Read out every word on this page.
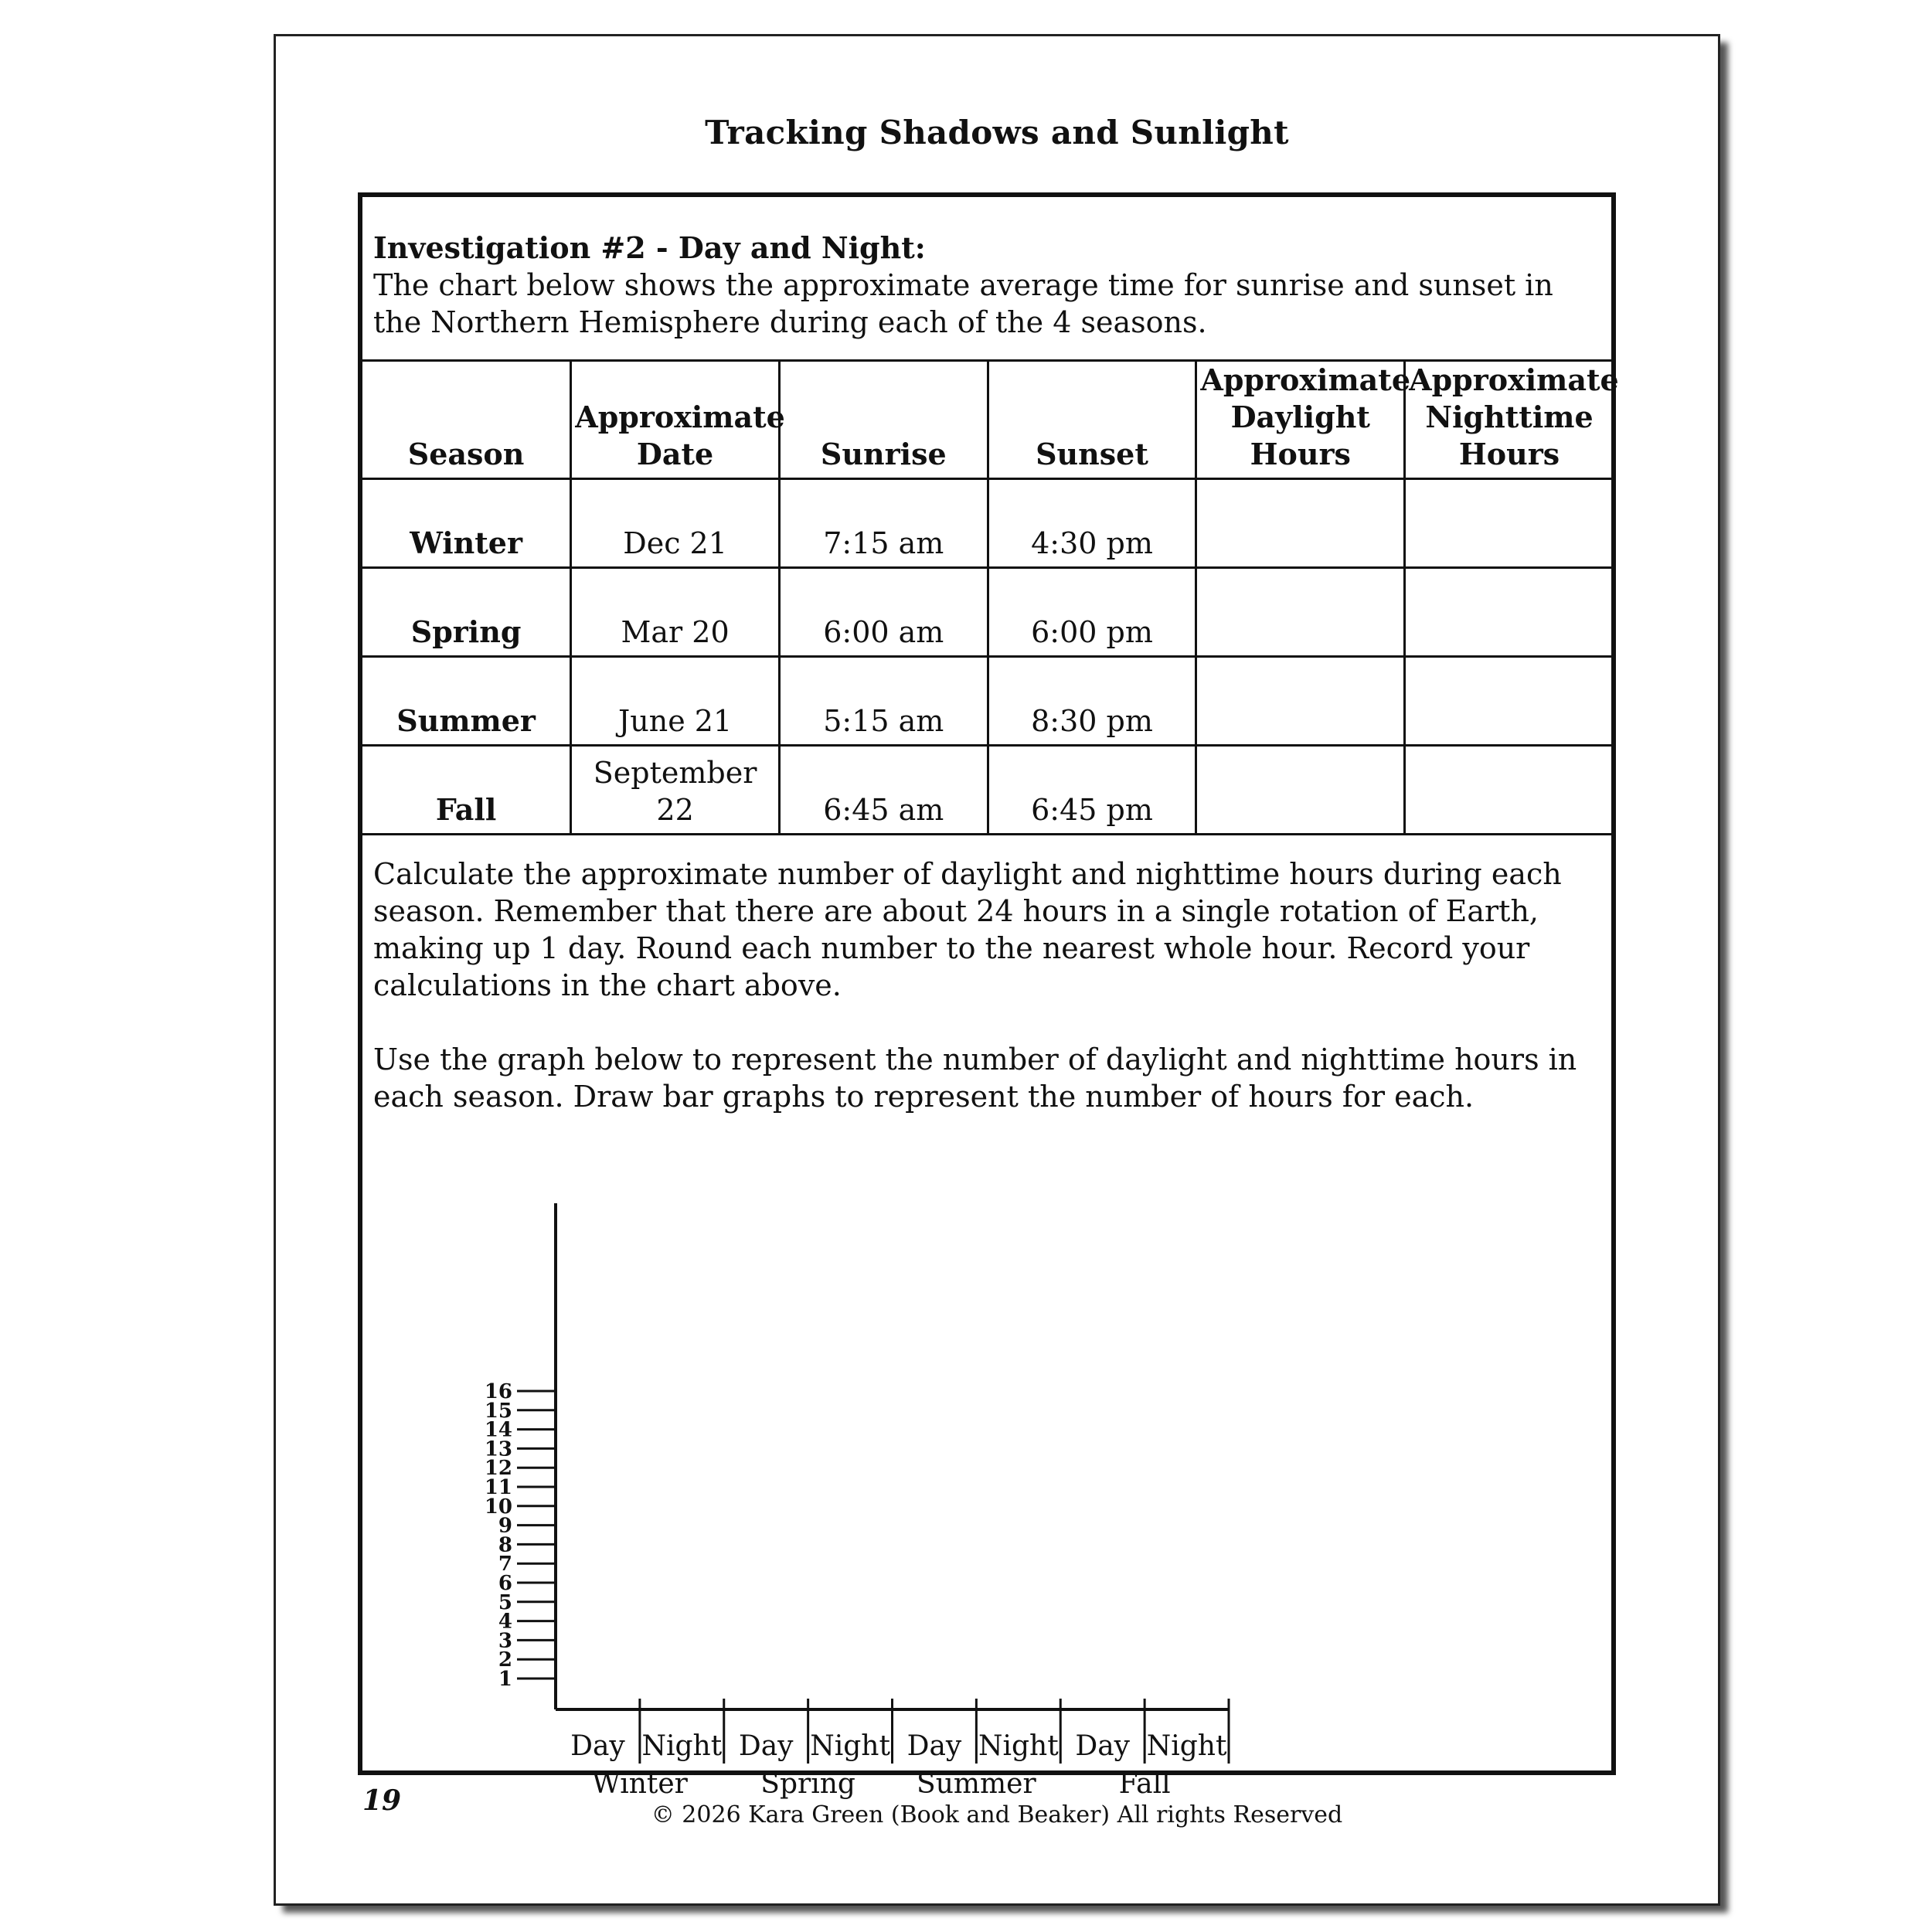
Tracking Shadows and Sunlight
Investigation #2 - Day and Night:
The chart below shows the approximate average time for sunrise and sunset in the Northern Hemisphere during each of the 4 seasons.
Season	Approximate Date	Sunrise	Sunset	Approximate Daylight Hours	Approximate Nighttime Hours
Winter	Dec 21	7:15 am	4:30 pm		
Spring	Mar 20	6:00 am	6:00 pm		
Summer	June 21	5:15 am	8:30 pm		
Fall	September 22	6:45 am	6:45 pm		

Calculate the approximate number of daylight and nighttime hours during each season. Remember that there are about 24 hours in a single rotation of Earth, making up 1 day. Round each number to the nearest whole hour. Record your calculations in the chart above.

Use the graph below to represent the number of daylight and nighttime hours in each season. Draw bar graphs to represent the number of hours for each.

1
2
3
4
5
6
7
8
9
10
11
12
13
14
15
16
Day Night Day Night Day Night Day Night
Winter	Spring Summer	Fall
19	© 2026 Kara Green (Book and Beaker) All rights Reserved
